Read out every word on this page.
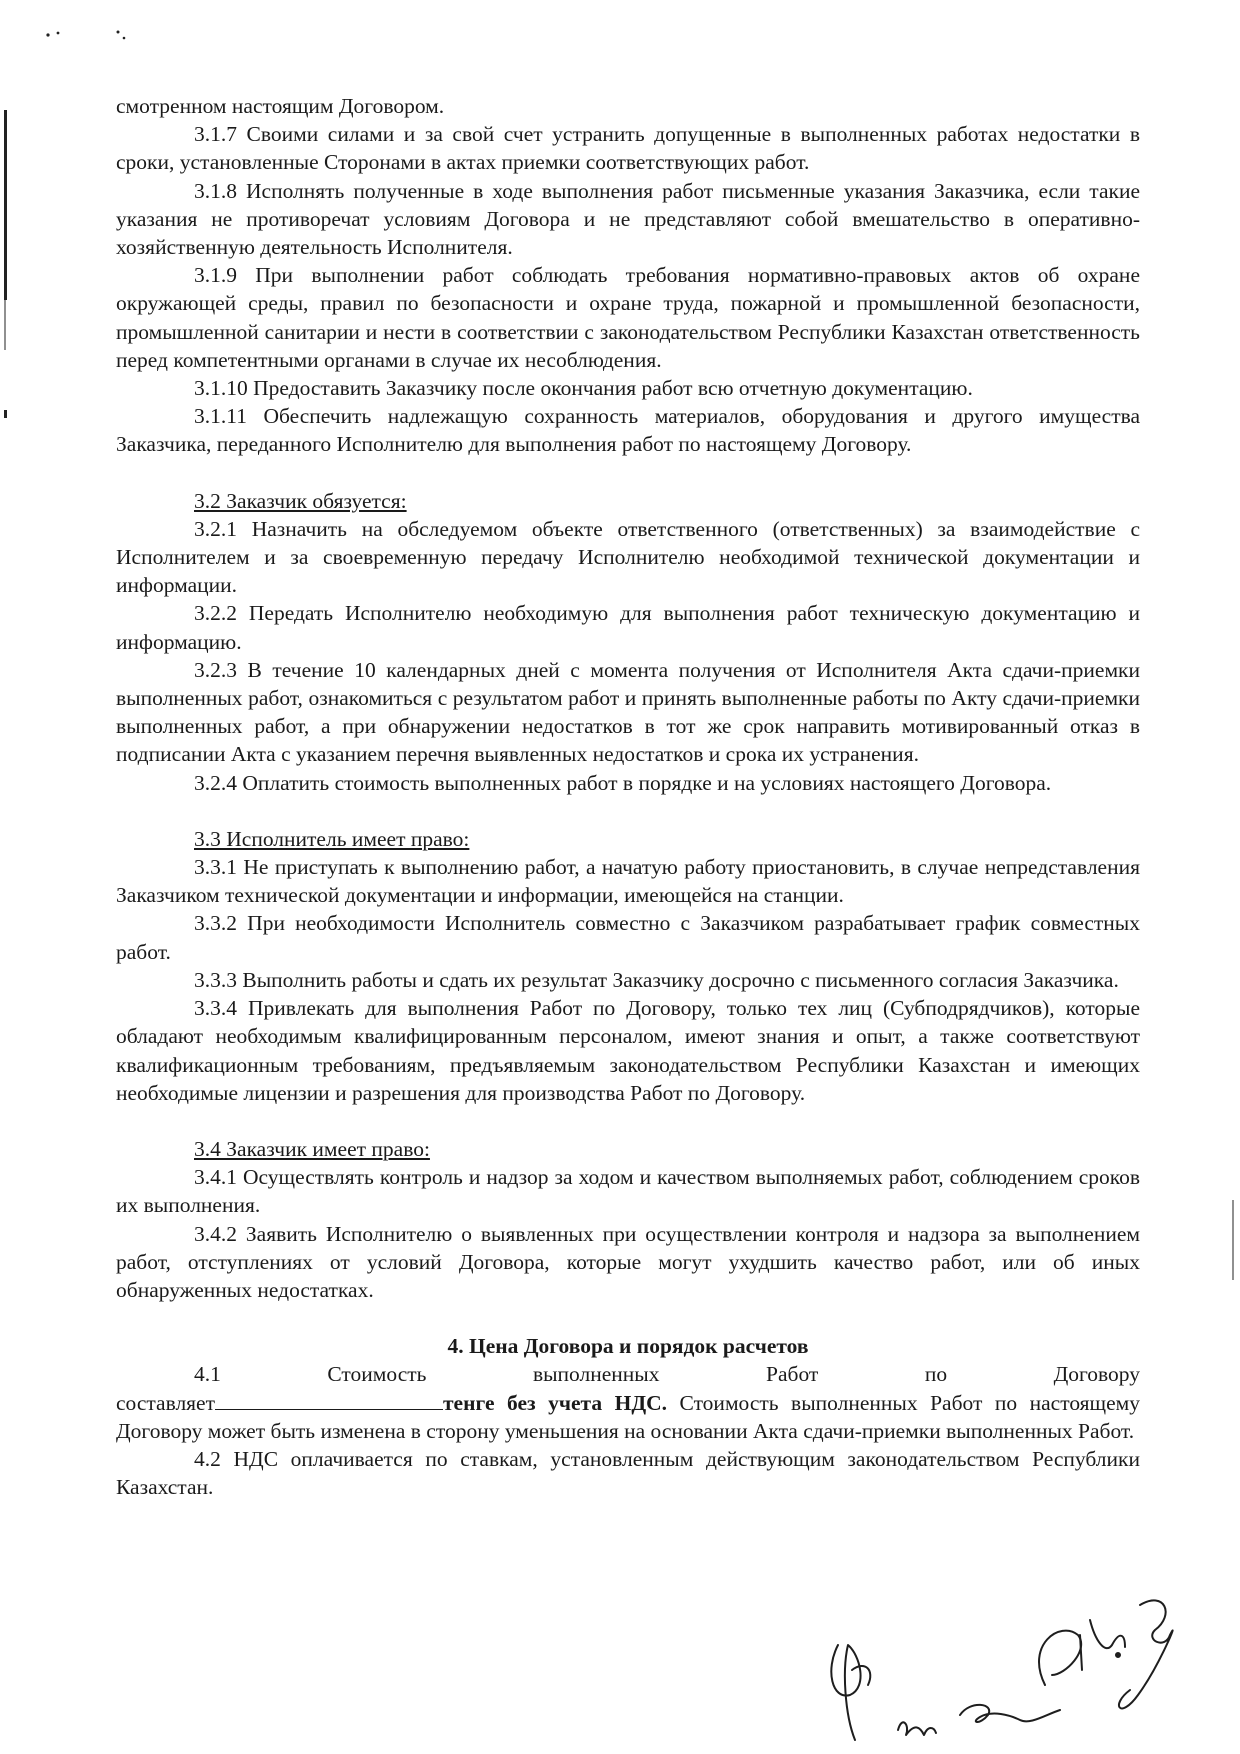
смотренном настоящим Договором.

3.1.7 Своими силами и за свой счет устранить допущенные в выполненных работах недостатки в сроки, установленные Сторонами в актах приемки соответствующих работ.

3.1.8 Исполнять полученные в ходе выполнения работ письменные указания Заказчика, если такие указания не противоречат условиям Договора и не представляют собой вмешательство в оперативно-хозяйственную деятельность Исполнителя.

3.1.9 При выполнении работ соблюдать требования нормативно-правовых актов об охране окружающей среды, правил по безопасности и охране труда, пожарной и промышленной безопасности, промышленной санитарии и нести в соответствии с законодательством Республики Казахстан ответственность перед компетентными органами в случае их несоблюдения.

3.1.10 Предоставить Заказчику после окончания работ всю отчетную документацию.

3.1.11 Обеспечить надлежащую сохранность материалов, оборудования и другого имущества Заказчика, переданного Исполнителю для выполнения работ по настоящему Договору.

3.2 Заказчик обязуется:

3.2.1 Назначить на обследуемом объекте ответственного (ответственных) за взаимодействие с Исполнителем и за своевременную передачу Исполнителю необходимой технической документации и информации.

3.2.2 Передать Исполнителю необходимую для выполнения работ техническую документацию и информацию.

3.2.3 В течение 10 календарных дней с момента получения от Исполнителя Акта сдачи-приемки выполненных работ, ознакомиться с результатом работ и принять выполненные работы по Акту сдачи-приемки выполненных работ, а при обнаружении недостатков в тот же срок направить мотивированный отказ в подписании Акта с указанием перечня выявленных недостатков и срока их устранения.

3.2.4 Оплатить стоимость выполненных работ в порядке и на условиях настоящего Договора.

3.3 Исполнитель имеет право:

3.3.1 Не приступать к выполнению работ, а начатую работу приостановить, в случае непредставления Заказчиком технической документации и информации, имеющейся на станции.

3.3.2 При необходимости Исполнитель совместно с Заказчиком разрабатывает график совместных работ.

3.3.3 Выполнить работы и сдать их результат Заказчику досрочно с письменного согласия Заказчика.

3.3.4 Привлекать для выполнения Работ по Договору, только тех лиц (Субподрядчиков), которые обладают необходимым квалифицированным персоналом, имеют знания и опыт, а также соответствуют квалификационным требованиям, предъявляемым законодательством Республики Казахстан и имеющих необходимые лицензии и разрешения для производства Работ по Договору.

3.4 Заказчик имеет право:

3.4.1 Осуществлять контроль и надзор за ходом и качеством выполняемых работ, соблюдением сроков их выполнения.

3.4.2 Заявить Исполнителю о выявленных при осуществлении контроля и надзора за выполнением работ, отступлениях от условий Договора, которые могут ухудшить качество работ, или об иных обнаруженных недостатках.

4. Цена Договора и порядок расчетов

4.1	Стоимость	выполненных	Работ	по	Договору

составляет	тенге без учета НДС. Стоимость выполненных Работ по настоящему Договору может быть изменена в сторону уменьшения на основании Акта сдачи-приемки выполненных Работ.

4.2 НДС оплачивается по ставкам, установленным действующим законодательством Республики Казахстан.
